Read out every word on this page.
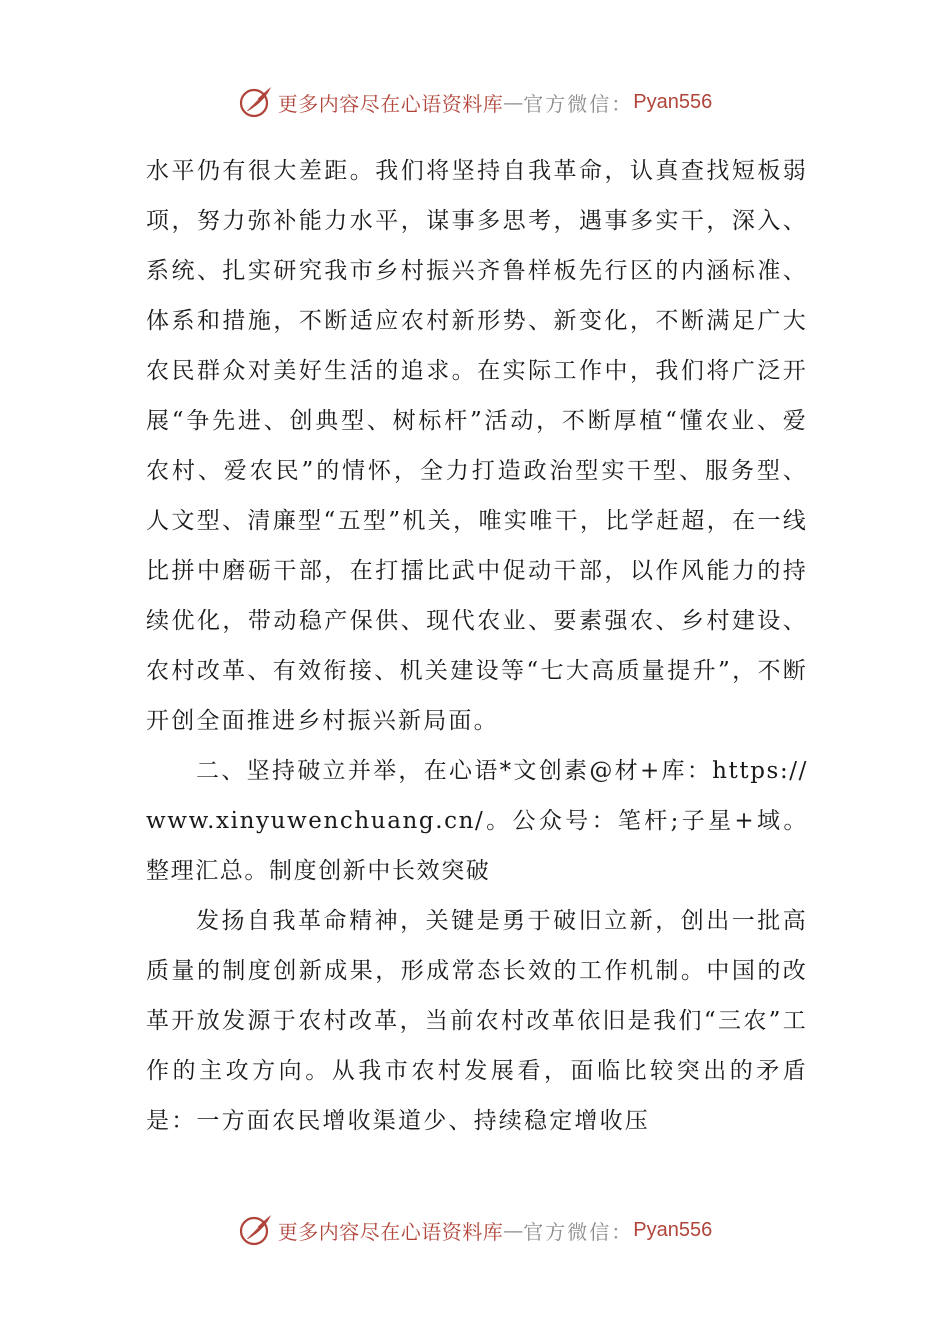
更多内容尽在心语资料库 — 官方微信： Pyan556

水平仍有很大差距。我们将坚持自我革命，认真查找短板弱项，努力弥补能力水平，谋事多思考，遇事多实干，深入、系统、扎实研究我市乡村振兴齐鲁样板先行区的内涵标准、体系和措施，不断适应农村新形势、新变化，不断满足广大农民群众对美好生活的追求。在实际工作中，我们将广泛开展“争先进、创典型、树标杆”活动，不断厚植“懂农业、爱农村、爱农民”的情怀，全力打造政治型实干型、服务型、人文型、清廉型“五型”机关，唯实唯干，比学赶超，在一线比拼中磨砺干部，在打擂比武中促动干部，以作风能力的持续优化，带动稳产保供、现代农业、要素强农、乡村建设、农村改革、有效衔接、机关建设等“七大高质量提升”，不断开创全面推进乡村振兴新局面。

二、坚持破立并举，在心语*文创素@材+库：https://www.xinyuwenchuang.cn/。公众号：笔杆;子星+域。整理汇总。制度创新中长效突破

发扬自我革命精神，关键是勇于破旧立新，创出一批高质量的制度创新成果，形成常态长效的工作机制。中国的改革开放发源于农村改革，当前农村改革依旧是我们“三农”工作的主攻方向。从我市农村发展看，面临比较突出的矛盾是：一方面农民增收渠道少、持续稳定增收压

更多内容尽在心语资料库 — 官方微信： Pyan556
